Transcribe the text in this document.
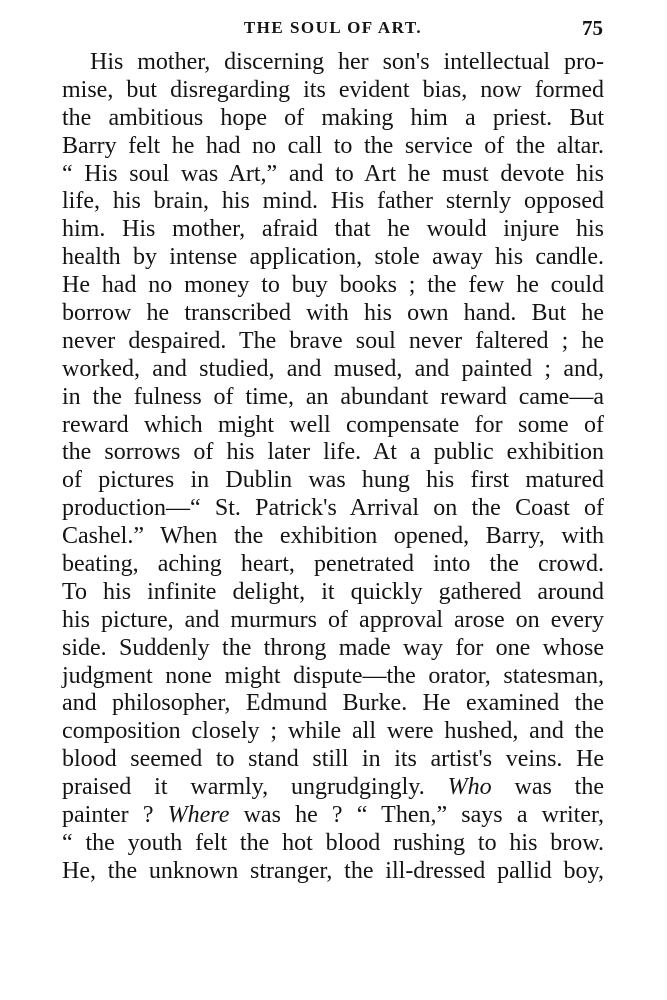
THE SOUL OF ART.	75
His mother, discerning her son's intellectual pro-
mise, but disregarding its evident bias, now formed
the ambitious hope of making him a priest. But
Barry felt he had no call to the service of the altar.
“ His soul was Art,” and to Art he must devote his
life, his brain, his mind. His father sternly opposed
him. His mother, afraid that he would injure his
health by intense application, stole away his candle.
He had no money to buy books ; the few he could
borrow he transcribed with his own hand. But he
never despaired. The brave soul never faltered ; he
worked, and studied, and mused, and painted ; and,
in the fulness of time, an abundant reward came—a
reward which might well compensate for some of
the sorrows of his later life. At a public exhibition
of pictures in Dublin was hung his first matured
production—“ St. Patrick's Arrival on the Coast of
Cashel.” When the exhibition opened, Barry, with
beating, aching heart, penetrated into the crowd.
To his infinite delight, it quickly gathered around
his picture, and murmurs of approval arose on every
side. Suddenly the throng made way for one whose
judgment none might dispute—the orator, statesman,
and philosopher, Edmund Burke. He examined the
composition closely ; while all were hushed, and the
blood seemed to stand still in its artist's veins. He
praised it warmly, ungrudgingly. Who was the
painter ? Where was he ? “ Then,” says a writer,
“ the youth felt the hot blood rushing to his brow.
He, the unknown stranger, the ill-dressed pallid boy,
